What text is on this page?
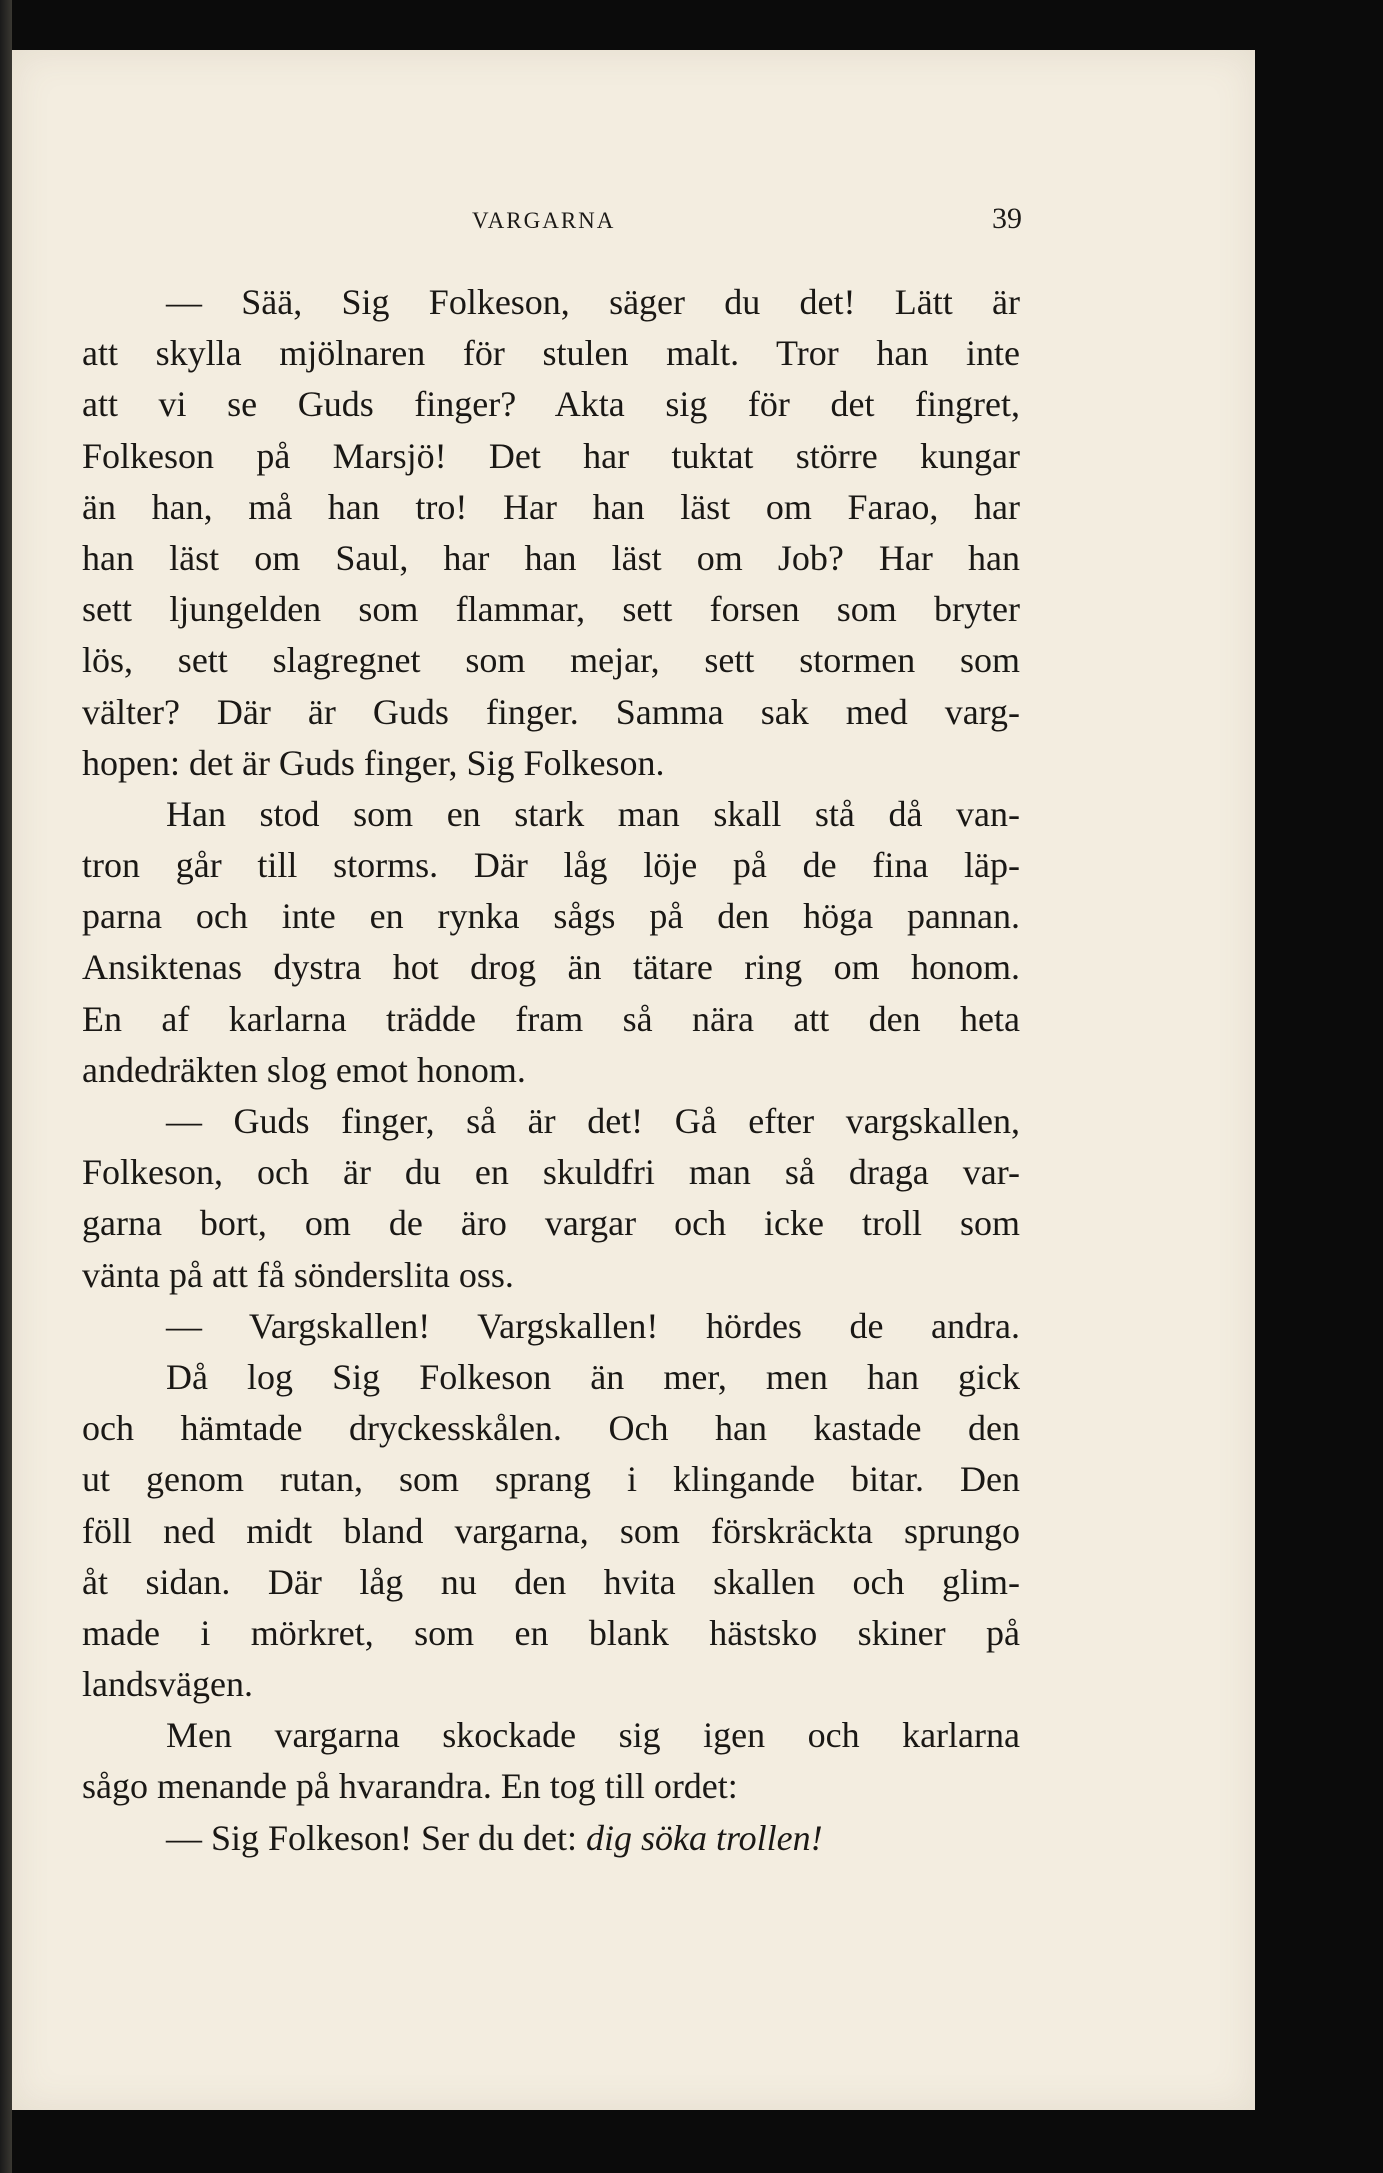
VARGARNA	39
— Sää, Sig Folkeson, säger du det! Lätt är
att skylla mjölnaren för stulen malt. Tror han inte
att vi se Guds finger? Akta sig för det fingret,
Folkeson på Marsjö! Det har tuktat större kungar
än han, må han tro! Har han läst om Farao, har
han läst om Saul, har han läst om Job? Har han
sett ljungelden som flammar, sett forsen som bryter
lös, sett slagregnet som mejar, sett stormen som
välter? Där är Guds finger. Samma sak med varg-
hopen: det är Guds finger, Sig Folkeson.
Han stod som en stark man skall stå då van-
tron går till storms. Där låg löje på de fina läp-
parna och inte en rynka sågs på den höga pannan.
Ansiktenas dystra hot drog än tätare ring om honom.
En af karlarna trädde fram så nära att den heta
andedräkten slog emot honom.
— Guds finger, så är det! Gå efter vargskallen,
Folkeson, och är du en skuldfri man så draga var-
garna bort, om de äro vargar och icke troll som
vänta på att få sönderslita oss.
— Vargskallen! Vargskallen! hördes de andra.
Då log Sig Folkeson än mer, men han gick
och hämtade dryckesskålen. Och han kastade den
ut genom rutan, som sprang i klingande bitar. Den
föll ned midt bland vargarna, som förskräckta sprungo
åt sidan. Där låg nu den hvita skallen och glim-
made i mörkret, som en blank hästsko skiner på
landsvägen.
Men vargarna skockade sig igen och karlarna
sågo menande på hvarandra. En tog till ordet:
— Sig Folkeson! Ser du det: dig söka trollen!
